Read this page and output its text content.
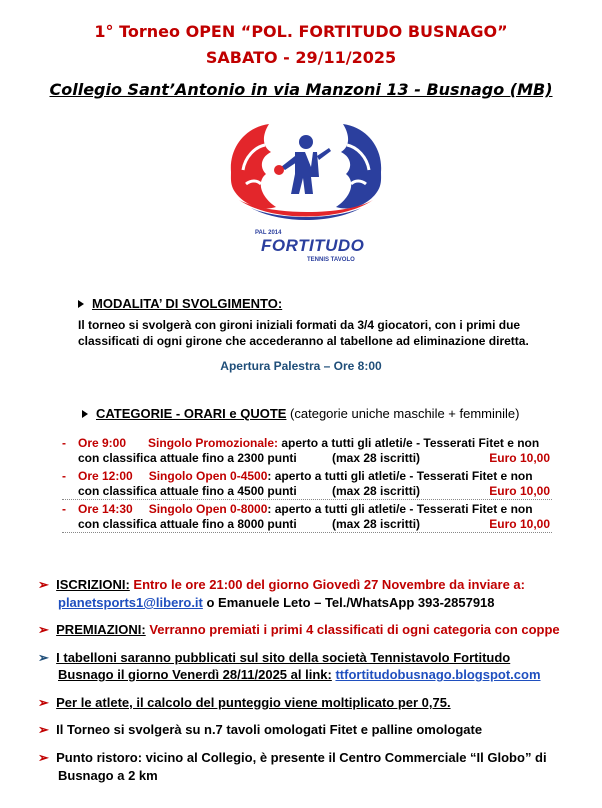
1° Torneo OPEN “POL. FORTITUDO BUSNAGO”
SABATO - 29/11/2025
Collegio Sant’Antonio in via Manzoni 13 - Busnago (MB)
PAL 2014
FORTITUDO
TENNIS TAVOLO
MODALITA’ DI SVOLGIMENTO:
Il torneo si svolgerà con gironi iniziali formati da 3/4 giocatori, con i primi due
classificati di ogni girone che accederanno al tabellone ad eliminazione diretta.
Apertura Palestra – Ore 8:00
CATEGORIE - ORARI e QUOTE (categorie uniche maschile + femminile)
- Ore 9:00 Singolo Promozionale: aperto a tutti gli atleti/e - Tesserati Fitet e non
con classifica attuale fino a 2300 punti	(max 28 iscritti)	Euro 10,00
- Ore 12:00 Singolo Open 0-4500: aperto a tutti gli atleti/e - Tesserati Fitet e non
con classifica attuale fino a 4500 punti	(max 28 iscritti)	Euro 10,00
- Ore 14:30 Singolo Open 0-8000: aperto a tutti gli atleti/e - Tesserati Fitet e non
con classifica attuale fino a 8000 punti	(max 28 iscritti)	Euro 10,00
➢ ISCRIZIONI: Entro le ore 21:00 del giorno Giovedì 27 Novembre da inviare a:
planetsports1@libero.it o Emanuele Leto – Tel./WhatsApp 393-2857918
➢ PREMIAZIONI: Verranno premiati i primi 4 classificati di ogni categoria con coppe
➢ I tabelloni saranno pubblicati sul sito della società Tennistavolo Fortitudo
Busnago il giorno Venerdì 28/11/2025 al link: ttfortitudobusnago.blogspot.com
➢ Per le atlete, il calcolo del punteggio viene moltiplicato per 0,75.
➢ Il Torneo si svolgerà su n.7 tavoli omologati Fitet e palline omologate
➢ Punto ristoro: vicino al Collegio, è presente il Centro Commerciale “Il Globo” di
Busnago a 2 km
